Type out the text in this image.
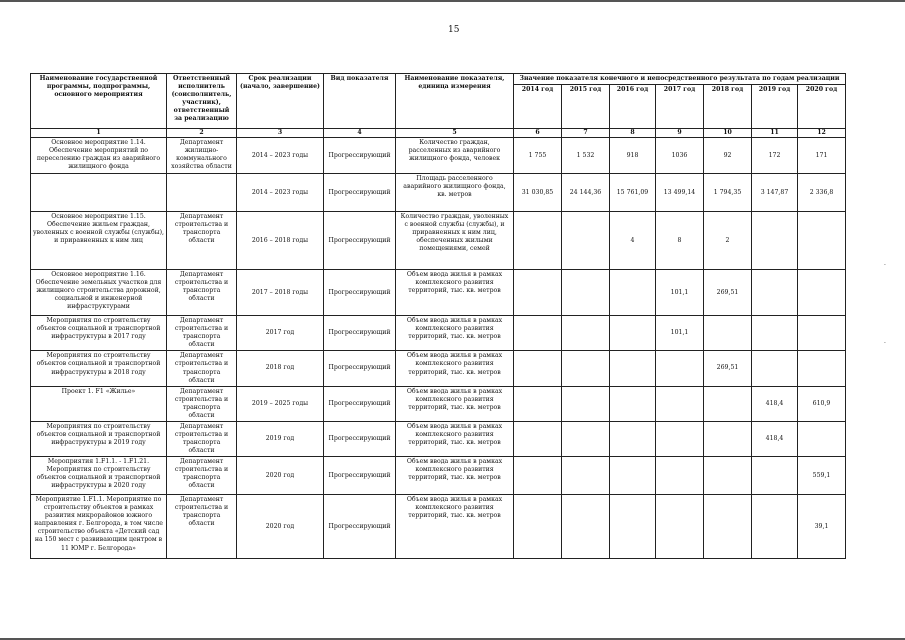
15
Наименование государственной программы, подпрограммы, основного мероприятия	Ответственный исполнитель (соисполнитель, участник), ответственный за реализацию	Срок реализации (начало, завершение)	Вид показателя	Наименование показателя, единица измерения	Значение показателя конечного и непосредственного результата по годам реализации						
					2014 год	2015 год	2016 год	2017 год	2018 год	2019 год	2020 год
1	2	3	4	5	6	7	8	9	10	11	12
Основное мероприятие 1.14. Обеспечение мероприятий по переселению граждан из аварийного жилищного фонда	Департамент жилищно-коммунального хозяйства области	2014 – 2023 годы	Прогрессирующий	Количество граждан, расселенных из аварийного жилищного фонда, человек	1 755	1 532	918	1036	92	172	171
		2014 – 2023 годы	Прогрессирующий	Площадь расселенного аварийного жилищного фонда, кв. метров	31 030,85	24 144,36	15 761,09	13 499,14	1 794,35	3 147,87	2 336,8
Основное мероприятие 1.15. Обеспечение жильем граждан, уволенных с военной службы (службы), и приравненных к ним лиц	Департамент строительства и транспорта области	2016 – 2018 годы	Прогрессирующий	Количество граждан, уволенных с военной службы (службы), и приравненных к ним лиц, обеспеченных жилыми помещениями, семей			4	8	2		
Основное мероприятие 1.16. Обеспечение земельных участков для жилищного строительства дорожной, социальной и инженерной инфраструктурами	Департамент строительства и транспорта области	2017 – 2018 годы	Прогрессирующий	Объем ввода жилья в рамках комплексного развития территорий, тыс. кв. метров				101,1	269,51		
Мероприятия по строительству объектов социальной и транспортной инфраструктуры в 2017 году	Департамент строительства и транспорта области	2017 год	Прогрессирующий	Объем ввода жилья в рамках комплексного развития территорий, тыс. кв. метров				101,1			
Мероприятия по строительству объектов социальной и транспортной инфраструктуры в 2018 году	Департамент строительства и транспорта области	2018 год	Прогрессирующий	Объем ввода жилья в рамках комплексного развития территорий, тыс. кв. метров					269,51		
Проект 1. F1 «Жилье»	Департамент строительства и транспорта области	2019 – 2025 годы	Прогрессирующий	Объем ввода жилья в рамках комплексного развития территорий, тыс. кв. метров						418,4	610,9
Мероприятия по строительству объектов социальной и транспортной инфраструктуры в 2019 году	Департамент строительства и транспорта области	2019 год	Прогрессирующий	Объем ввода жилья в рамках комплексного развития территорий, тыс. кв. метров						418,4	
Мероприятия 1.F1.1. - 1.F1.21. Мероприятия по строительству объектов социальной и транспортной инфраструктуры в 2020 году	Департамент строительства и транспорта области	2020 год	Прогрессирующий	Объем ввода жилья в рамках комплексного развития территорий, тыс. кв. метров							559,1
Мероприятие 1.F1.1. Мероприятие по строительству объектов в рамках развития микрорайонов южного направления г. Белгорода, в том числе строительство объекта «Детский сад на 150 мест с развивающим центром в 11 ЮМР г. Белгорода»	Департамент строительства и транспорта области	2020 год	Прогрессирующий	Объем ввода жилья в рамках комплексного развития территорий, тыс. кв. метров							39,1
·
·
